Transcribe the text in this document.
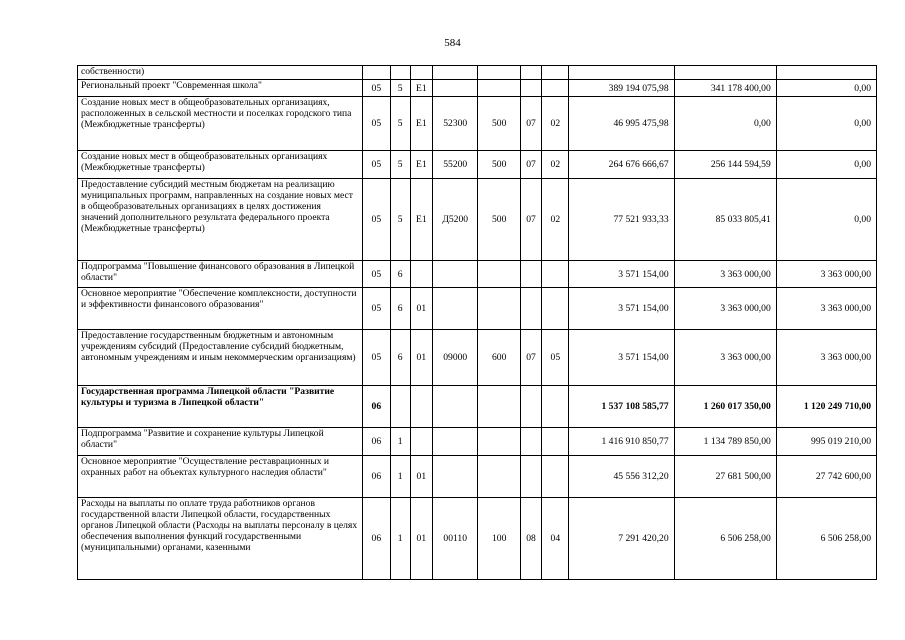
584
собственности)										
Региональный проект "Современная школа"	05	5	E1					389 194 075,98	341 178 400,00	0,00
Создание новых мест в общеобразовательных организациях, расположенных в сельской местности и поселках городского типа (Межбюджетные трансферты)	05	5	E1	52300	500	07	02	46 995 475,98	0,00	0,00
Создание новых мест в общеобразовательных организациях (Межбюджетные трансферты)	05	5	E1	55200	500	07	02	264 676 666,67	256 144 594,59	0,00
Предоставление субсидий местным бюджетам на реализацию муниципальных программ, направленных на создание новых мест в общеобразовательных организациях в целях достижения значений дополнительного результата федерального проекта (Межбюджетные трансферты)	05	5	E1	Д5200	500	07	02	77 521 933,33	85 033 805,41	0,00
Подпрограмма "Повышение финансового образования в Липецкой области"	05	6						3 571 154,00	3 363 000,00	3 363 000,00
Основное мероприятие "Обеспечение комплексности, доступности и эффективности финансового образования"	05	6	01					3 571 154,00	3 363 000,00	3 363 000,00
Предоставление государственным бюджетным и автономным учреждениям субсидий (Предоставление субсидий бюджетным, автономным учреждениям и иным некоммерческим организациям)	05	6	01	09000	600	07	05	3 571 154,00	3 363 000,00	3 363 000,00
Государственная программа Липецкой области "Развитие культуры и туризма в Липецкой области"	06							1 537 108 585,77	1 260 017 350,00	1 120 249 710,00
Подпрограмма "Развитие и сохранение культуры Липецкой области"	06	1						1 416 910 850,77	1 134 789 850,00	995 019 210,00
Основное мероприятие "Осуществление реставрационных и охранных работ на объектах культурного наследия области"	06	1	01					45 556 312,20	27 681 500,00	27 742 600,00
Расходы на выплаты по оплате труда работников органов государственной власти Липецкой области, государственных органов Липецкой области (Расходы на выплаты персоналу в целях обеспечения выполнения функций государственными (муниципальными) органами, казенными	06	1	01	00110	100	08	04	7 291 420,20	6 506 258,00	6 506 258,00
